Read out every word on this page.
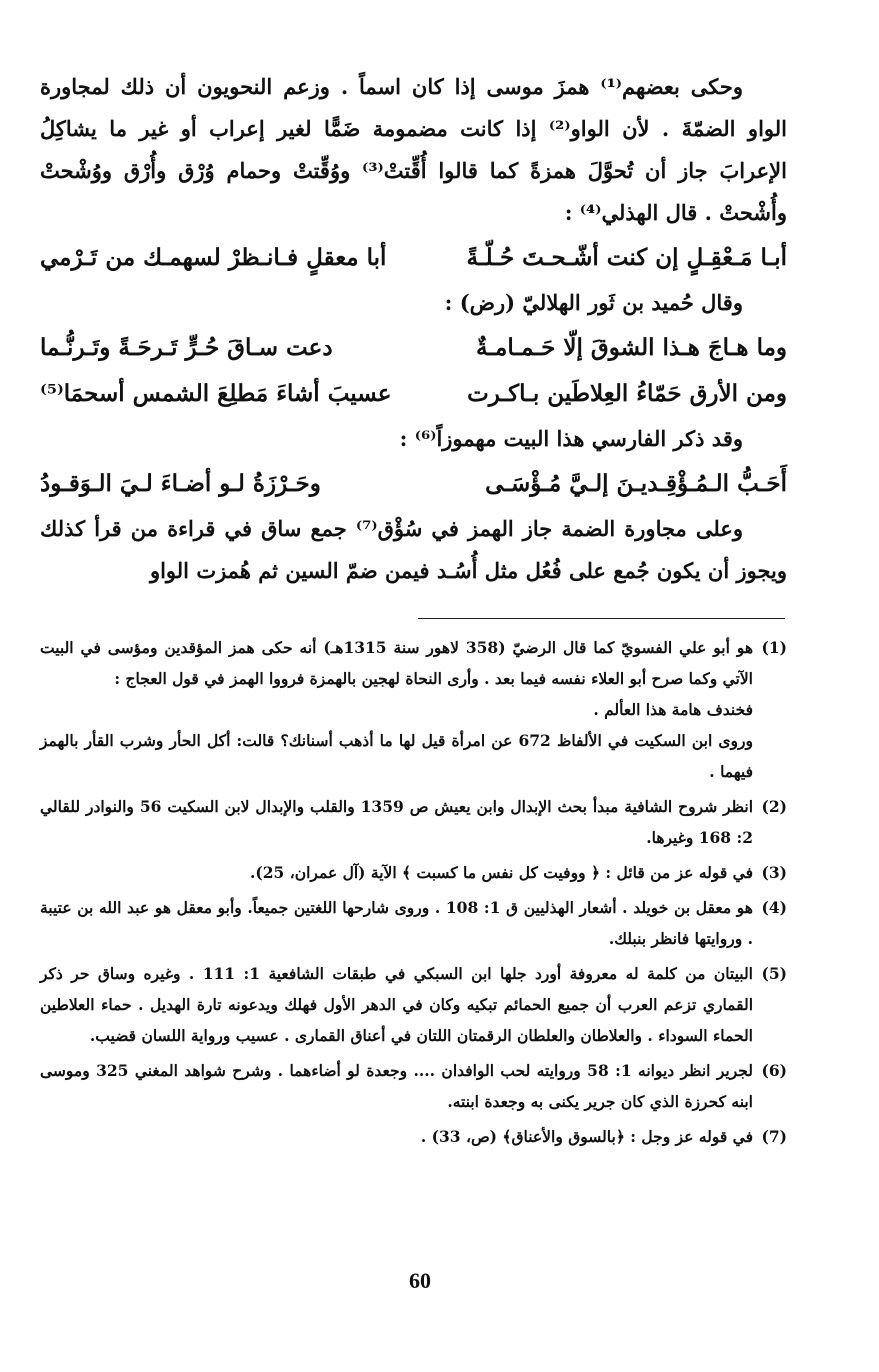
وحكى بعضهم⁽¹⁾ همزَ موسى إذا كان اسماً . وزعم النحويون أن ذلك لمجاورة الواو الضمّةَ . لأن الواو⁽²⁾ إذا كانت مضمومة ضَمًّا لغير إعراب أو غير ما يشاكِلُ الإعرابَ جاز أن تُحوَّلَ همزةً كما قالوا أُقِّتتْ⁽³⁾ ووُقِّتتْ وحمام وُرْق وأُرْق ووُشْحتْ وأُشْحتْ . قال الهذلي⁽⁴⁾ :

أبـا مَـعْقِـلٍ إن كنت أشّـحـتَ حُـلّـةً
أبا معقلٍ فـانـظرْ لسهمـك من تَـرْمي

وقال حُميد بن ثَور الهلاليّ (رض) :

وما هـاجَ هـذا الشوقَ إلّا حَـمـامـةٌ
دعت سـاقَ حُـرٍّ تَـرحَـةً وتَـرنُّـما
ومن الأرق حَمّاءُ العِلاطَين بـاكـرت
عسيبَ أشاءَ مَطلِعَ الشمس أسحمَا⁽⁵⁾

وقد ذكر الفارسي هذا البيت مهموزاً⁽⁶⁾ :

أَحَـبُّ الـمُـؤْقِـديـنَ إلـيَّ مُـؤْسَـى
وحَـرْزَةُ لـو أضـاءَ لـيَ الـوَقـودُ

وعلى مجاورة الضمة جاز الهمز في سُؤْق⁽⁷⁾ جمع ساق في قراءة من قرأ كذلك ويجوز أن يكون جُمع على فُعُل مثل أُسُـد فيمن ضمّ السين ثم هُمزت الواو

(1)
هو أبو علي الفسويّ كما قال الرضيّ (358 لاهور سنة 1315هـ) أنه حكى همز المؤقدين ومؤسى في البيت الآتي وكما صرح أبو العلاء نفسه فيما بعد . وأرى النحاة لهجين بالهمزة فرووا الهمز في قول العجاج :
فخندف هامة هذا العألم .
وروى ابن السكيت في الألفاظ 672 عن امرأة قيل لها ما أذهب أسنانك؟ قالت: أكل الحأر وشرب القأر بالهمز فيهما .
(2)
انظر شروح الشافية مبدأ بحث الإبدال وابن يعيش ص 1359 والقلب والإبدال لابن السكيت 56 والنوادر للقالي 2: 168 وغيرها.
(3)
في قوله عز من قائل : ﴿ ووفيت كل نفس ما كسبت ﴾ الآية (آل عمران، 25).
(4)
هو معقل بن خويلد . أشعار الهذليين ق 1: 108 . وروى شارحها اللغتين جميعاً. وأبو معقل هو عبد الله بن عتيبة . وروايتها فانظر بنبلك.
(5)
البيتان من كلمة له معروفة أورد جلها ابن السبكي في طبقات الشافعية 1: 111 . وغيره وساق حر ذكر القماري تزعم العرب أن جميع الحمائم تبكيه وكان في الدهر الأول فهلك ويدعونه تارة الهديل . حماء العلاطين الحماء السوداء . والعلاطان والعلطان الرقمتان اللتان في أعناق القمارى . عسيب ورواية اللسان قضيب.
(6)
لجرير انظر ديوانه 1: 58 وروايته لحب الوافدان .... وجعدة لو أضاءهما . وشرح شواهد المغني 325 وموسى ابنه كحرزة الذي كان جرير يكنى به وجعدة ابنته.
(7)
في قوله عز وجل : ﴿بالسوق والأعناق﴾ (ص، 33) .
60
